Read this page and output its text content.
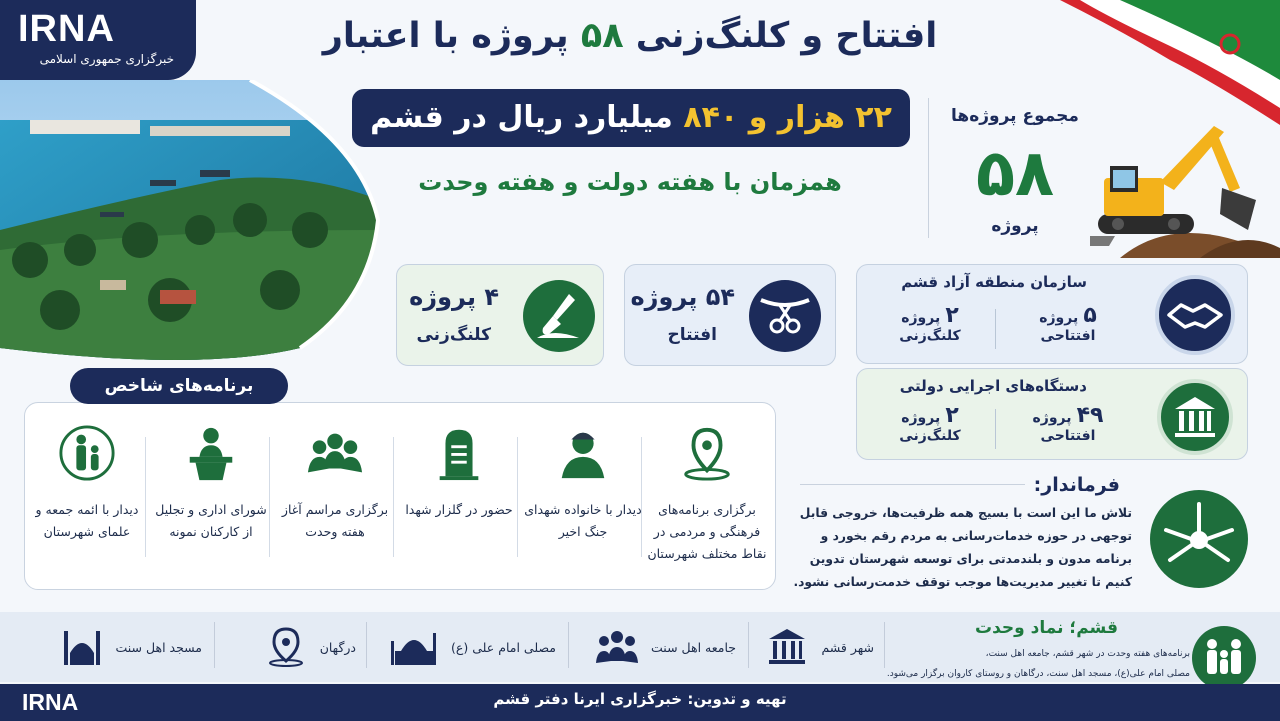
IRNA
خبرگزاری جمهوری اسلامی
افتتاح و کلنگ‌زنی ۵۸ پروژه با اعتبار
۲۲ هزار و ۸۴۰ میلیارد ریال در قشم
همزمان با هفته دولت و هفته وحدت
مجموع پروژه‌ها
۵۸
پروژه
۵۴ پروژه
افتتاح
۴ پروژه
کلنگ‌زنی
سازمان منطقه آزاد قشم
۵ پروژه
افتتاحی
۲ پروژه
کلنگ‌زنی
دستگاه‌های اجرایی دولتی
۴۹ پروژه
افتتاحی
۲ پروژه
کلنگ‌زنی
برگزاری برنامه‌های فرهنگی و مردمی در نقاط مختلف شهرستان
دیدار با خانواده شهدای جنگ اخیر
حضور در گلزار شهدا
برگزاری مراسم آغاز هفته وحدت
شورای اداری و تجلیل از کارکنان نمونه
دیدار با ائمه جمعه و علمای شهرستان
برنامه‌های شاخص
فرماندار:
تلاش ما این است با بسیج همه ظرفیت‌ها، خروجی قابل توجهی در حوزه خدمات‌رسانی به مردم رقم بخورد و برنامه مدون و بلندمدتی برای توسعه شهرستان تدوین کنیم تا تغییر مدیریت‌ها موجب توقف خدمت‌رسانی نشود.
مسجد اهل سنت	درگهان	مصلی امام علی (ع)	جامعه اهل سنت	شهر قشم
قشم؛ نماد وحدت
برنامه‌های هفته وحدت در شهر قشم، جامعه اهل سنت،
مصلی امام علی(ع)، مسجد اهل سنت، درگاهان و روستای کاروان برگزار می‌شود.
IRNA	تهیه و تدوین: خبرگزاری ایرنا دفتر قشم
